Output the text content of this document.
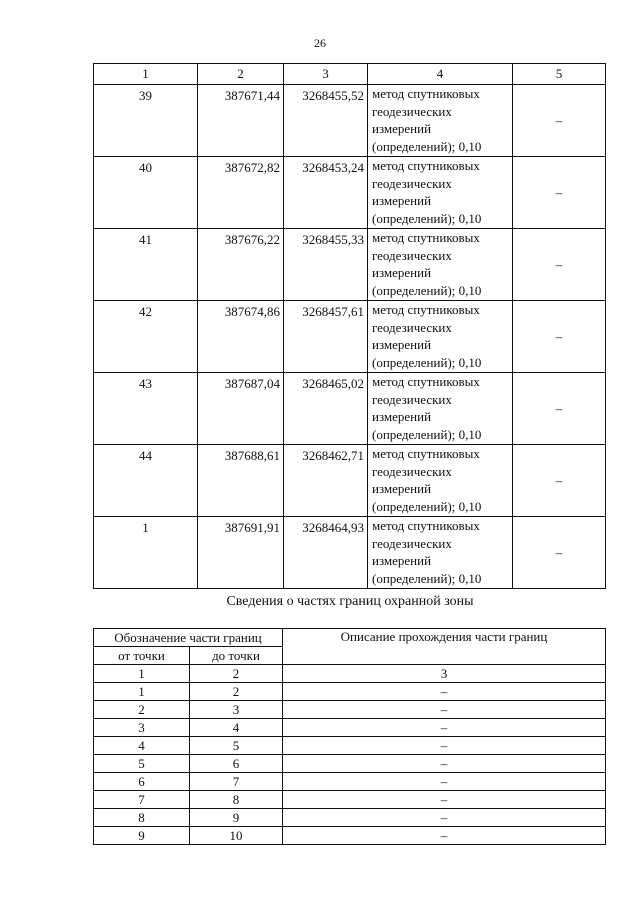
26
1	2	3	4	5
39	387671,44	3268455,52	метод спутниковых
геодезических
измерений
(определений); 0,10	–
40	387672,82	3268453,24	метод спутниковых
геодезических
измерений
(определений); 0,10	–
41	387676,22	3268455,33	метод спутниковых
геодезических
измерений
(определений); 0,10	–
42	387674,86	3268457,61	метод спутниковых
геодезических
измерений
(определений); 0,10	–
43	387687,04	3268465,02	метод спутниковых
геодезических
измерений
(определений); 0,10	–
44	387688,61	3268462,71	метод спутниковых
геодезических
измерений
(определений); 0,10	–
1	387691,91	3268464,93	метод спутниковых
геодезических
измерений
(определений); 0,10	–
Сведения о частях границ охранной зоны
Обозначение части границ		Описание прохождения части границ
от точки	до точки	
1	2	3
1	2	–
2	3	–
3	4	–
4	5	–
5	6	–
6	7	–
7	8	–
8	9	–
9	10	–
